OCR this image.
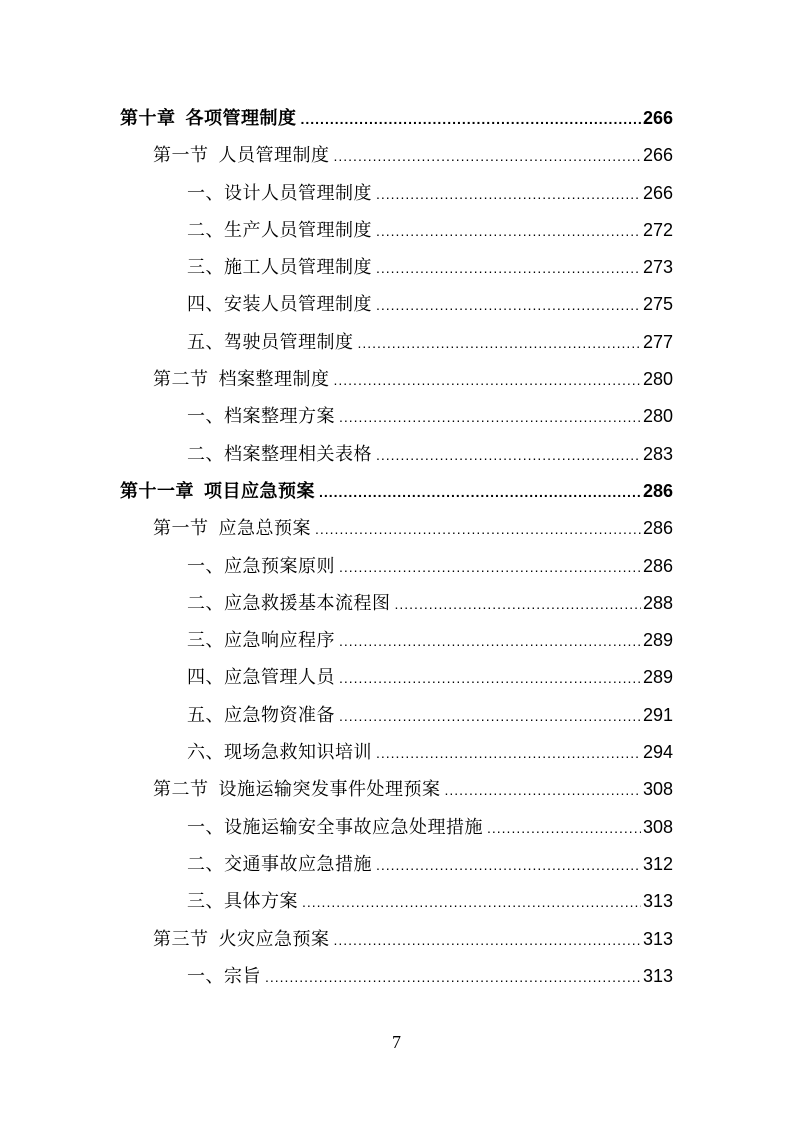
第十章 各项管理制度 .....	266
第一节 人员管理制度 .....	266
一、设计人员管理制度 .....	266
二、生产人员管理制度 .....	272
三、施工人员管理制度 .....	273
四、安装人员管理制度 .....	275
五、驾驶员管理制度 .....	277
第二节 档案整理制度 .....	280
一、档案整理方案 .....	280
二、档案整理相关表格 .....	283
第十一章 项目应急预案 .....	286
第一节 应急总预案 .....	286
一、应急预案原则 .....	286
二、应急救援基本流程图 .....	288
三、应急响应程序 .....	289
四、应急管理人员 .....	289
五、应急物资准备 .....	291
六、现场急救知识培训 .....	294
第二节 设施运输突发事件处理预案 .....	308
一、设施运输安全事故应急处理措施 .....	308
二、交通事故应急措施 .....	312
三、具体方案 .....	313
第三节 火灾应急预案 .....	313
一、宗旨 .....	313
7
